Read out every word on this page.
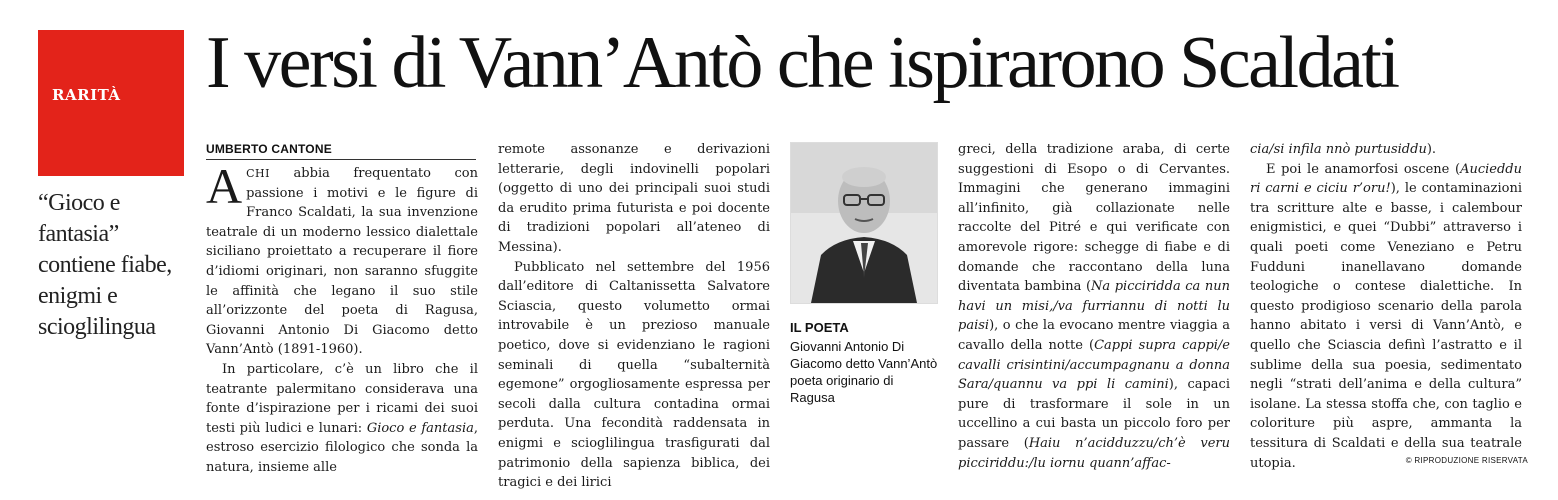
RARITÀ I versi di Vann’Antò che ispirarono Scaldati
“Gioco e fantasia” contiene fiabe, enigmi e scioglilingua
UMBERTO CANTONE

ACHI abbia frequentato con passione i motivi e le figure di Franco Scaldati, la sua invenzione teatrale di un moderno lessico dialettale siciliano proiettato a recuperare il fiore d’idiomi originari, non saranno sfuggite le affinità che legano il suo stile all’orizzonte del poeta di Ragusa, Giovanni Antonio Di Giacomo detto Vann’Antò (1891-1960).

In particolare, c’è un libro che il teatrante palermitano considerava una fonte d’ispirazione per i ricami dei suoi testi più ludici e lunari: Gioco e fantasia, estroso esercizio filologico che sonda la natura, insieme alle

remote assonanze e derivazioni letterarie, degli indovinelli popolari (oggetto di uno dei principali suoi studi da erudito prima futurista e poi docente di tradizioni popolari all’ateneo di Messina).

Pubblicato nel settembre del 1956 dall’editore di Caltanissetta Salvatore Sciascia, questo volumetto ormai introvabile è un prezioso manuale poetico, dove si evidenziano le ragioni seminali di quella “subalternità egemone” orgogliosamente espressa per secoli dalla cultura contadina ormai perduta. Una fecondità raddensata in enigmi e scioglilingua trasfigurati dal patrimonio della sapienza biblica, dei tragici e dei lirici

IL POETA
Giovanni Antonio Di Giacomo detto Vann’Antò poeta originario di Ragusa

greci, della tradizione araba, di certe suggestioni di Esopo o di Cervantes. Immagini che generano immagini all’infinito, già collazionate nelle raccolte del Pitré e qui verificate con amorevole rigore: schegge di fiabe e di domande che raccontano della luna diventata bambina (Na picciridda ca nun havi un misi,/va furriannu di notti lu paisi), o che la evocano mentre viaggia a cavallo della notte (Cappi supra cappi/e cavalli crisintini/accumpagnanu a donna Sara/quannu va ppi li camini), capaci pure di trasformare il sole in un uccellino a cui basta un piccolo foro per passare (Haiu n’acidduzzu/ch’è veru picciriddu:/lu iornu quann’affac-

cia/si infila nnò purtusiddu).

E poi le anamorfosi oscene (Aucieddu ri carni e ciciu r’oru!), le contaminazioni tra scritture alte e basse, i calembour enigmistici, e quei “Dubbi” attraverso i quali poeti come Veneziano e Petru Fudduni inanellavano domande teologiche o contese dialettiche. In questo prodigioso scenario della parola hanno abitato i versi di Vann’Antò, e quello che Sciascia definì l’astratto e il sublime della sua poesia, sedimentato negli “strati dell’anima e della cultura” isolane. La stessa stoffa che, con taglio e coloriture più aspre, ammanta la tessitura di Scaldati e della sua teatrale utopia.	© RIPRODUZIONE RISERVATA
